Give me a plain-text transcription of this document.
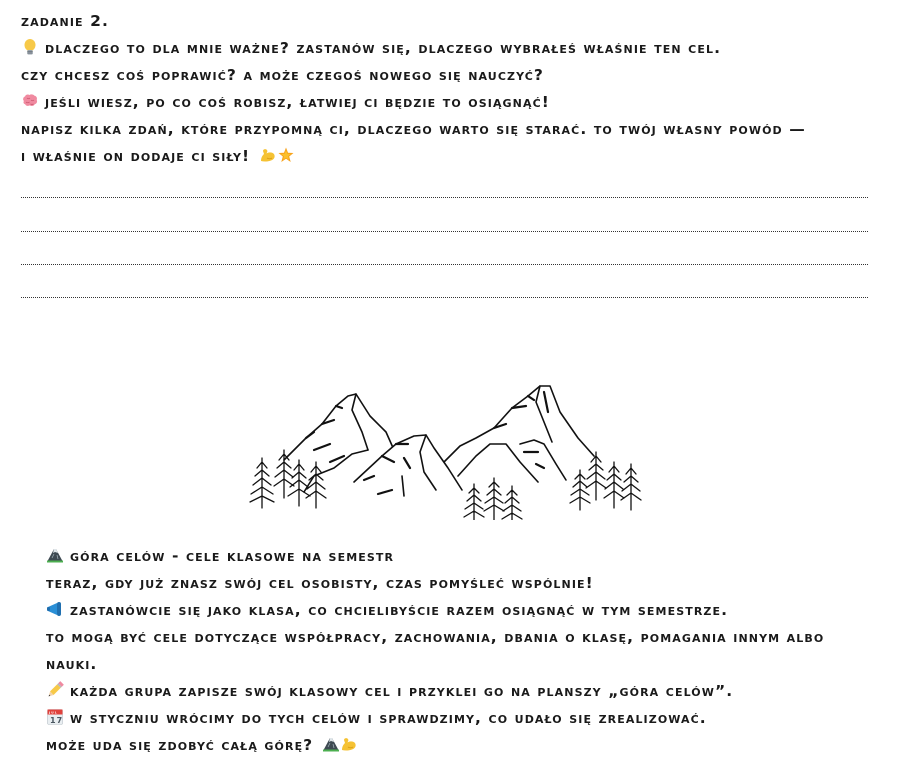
zadanie 2.
dlaczego to dla mnie ważne? zastanów się, dlaczego wybrałeś właśnie ten cel.
czy chcesz coś poprawić? a może czegoś nowego się nauczyć?
jeśli wiesz, po co coś robisz, łatwiej ci będzie to osiągnąć!
napisz kilka zdań, które przypomną ci, dlaczego warto się starać. to twój własny powód —
i właśnie on dodaje ci siły!
góra celów - cele klasowe na semestr
teraz, gdy już znasz swój cel osobisty, czas pomyśleć wspólnie!
zastanówcie się jako klasa, co chcielibyście razem osiągnąć w tym semestrze.
to mogą być cele dotyczące współpracy, zachowania, dbania o klasę, pomagania innym albo
nauki.
każda grupa zapisze swój klasowy cel i przyklei go na planszy „góra celów”.
jul
17 w styczniu wrócimy do tych celów i sprawdzimy, co udało się zrealizować.
może uda się zdobyć całą górę?
